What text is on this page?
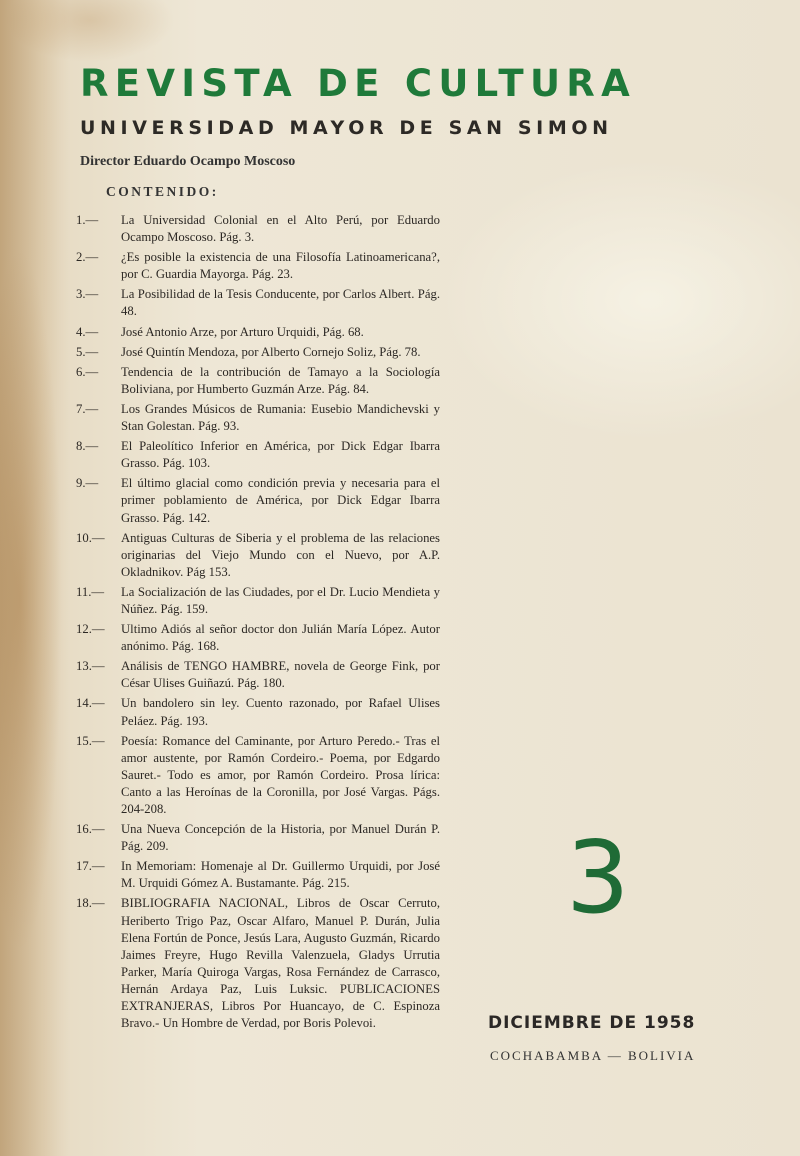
REVISTA DE CULTURA
UNIVERSIDAD MAYOR DE SAN SIMON
Director Eduardo Ocampo Moscoso
CONTENIDO:
1.—	La Universidad Colonial en el Alto Perú, por Eduardo Ocampo Moscoso. Pág. 3.
2.—	¿Es posible la existencia de una Filosofía Latinoamericana?, por C. Guardia Mayorga. Pág. 23.
3.—	La Posibilidad de la Tesis Conducente, por Carlos Albert. Pág. 48.
4.—	José Antonio Arze, por Arturo Urquidi, Pág. 68.
5.—	José Quintín Mendoza, por Alberto Cornejo Soliz, Pág. 78.
6.—	Tendencia de la contribución de Tamayo a la Sociología Boliviana, por Humberto Guzmán Arze. Pág. 84.
7.—	Los Grandes Músicos de Rumania: Eusebio Mandichevski y Stan Golestan. Pág. 93.
8.—	El Paleolítico Inferior en América, por Dick Edgar Ibarra Grasso. Pág. 103.
9.—	El último glacial como condición previa y necesaria para el primer poblamiento de América, por Dick Edgar Ibarra Grasso. Pág. 142.
10.—	Antiguas Culturas de Siberia y el problema de las relaciones originarias del Viejo Mundo con el Nuevo, por A.P. Okladnikov. Pág 153.
11.—	La Socialización de las Ciudades, por el Dr. Lucio Mendieta y Núñez. Pág. 159.
12.—	Ultimo Adiós al señor doctor don Julián María López. Autor anónimo. Pág. 168.
13.—	Análisis de TENGO HAMBRE, novela de George Fink, por César Ulises Guiñazú. Pág. 180.
14.—	Un bandolero sin ley. Cuento razonado, por Rafael Ulises Peláez. Pág. 193.
15.—	Poesía: Romance del Caminante, por Arturo Peredo.- Tras el amor austente, por Ramón Cordeiro.- Poema, por Edgardo Sauret.- Todo es amor, por Ramón Cordeiro. Prosa lírica: Canto a las Heroínas de la Coronilla, por José Vargas. Págs. 204-208.
16.—	Una Nueva Concepción de la Historia, por Manuel Durán P. Pág. 209.
17.—	In Memoriam: Homenaje al Dr. Guillermo Urquidi, por José M. Urquidi Gómez A. Bustamante. Pág. 215.
18.—	BIBLIOGRAFIA NACIONAL, Libros de Oscar Cerruto, Heriberto Trigo Paz, Oscar Alfaro, Manuel P. Durán, Julia Elena Fortún de Ponce, Jesús Lara, Augusto Guzmán, Ricardo Jaimes Freyre, Hugo Revilla Valenzuela, Gladys Urrutia Parker, María Quiroga Vargas, Rosa Fernández de Carrasco, Hernán Ardaya Paz, Luis Luksic. PUBLICACIONES EXTRANJERAS, Libros Por Huancayo, de C. Espinoza Bravo.- Un Hombre de Verdad, por Boris Polevoi.
3
DICIEMBRE DE 1958
COCHABAMBA — BOLIVIA
